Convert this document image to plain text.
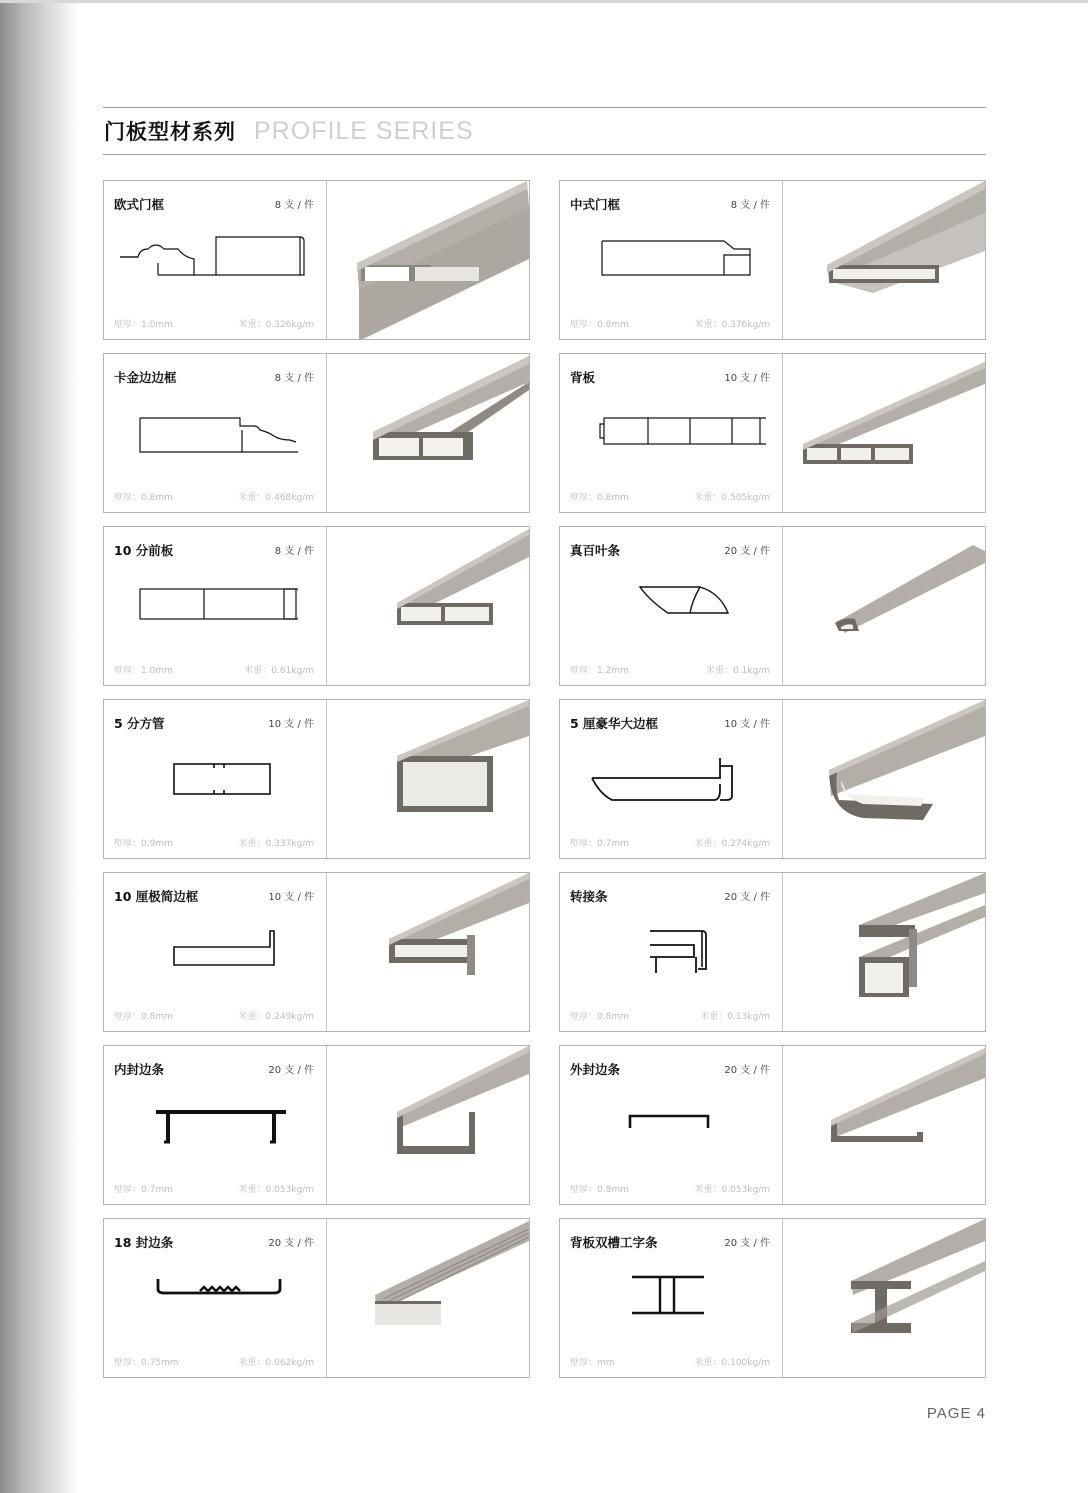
门板型材系列 PROFILE SERIES
欧式门框	8 支 / 件
壁厚：1.0mm	米重：0.326kg/m
中式门框	8 支 / 件
壁厚：0.8mm	米重：0.376kg/m
卡金边边框	8 支 / 件
壁厚：0.8mm	米重：0.468kg/m
背板	10 支 / 件
壁厚：0.8mm	米重：0.505kg/m
10 分前板	8 支 / 件
壁厚：1.0mm	米重：0.61kg/m
真百叶条	20 支 / 件
壁厚：1.2mm	米重：0.1kg/m
5 分方管	10 支 / 件
壁厚：0.9mm	米重：0.337kg/m
5 厘豪华大边框	10 支 / 件
壁厚：0.7mm	米重：0.274kg/m
10 厘极简边框	10 支 / 件
壁厚：0.8mm	米重：0.249kg/m
转接条	20 支 / 件
壁厚：0.8mm	米重：0.13kg/m
内封边条	20 支 / 件
壁厚：0.7mm	米重：0.053kg/m
外封边条	20 支 / 件
壁厚：0.8mm	米重：0.053kg/m
18 封边条	20 支 / 件
壁厚：0.75mm	米重：0.062kg/m
背板双槽工字条	20 支 / 件
壁厚：mm	米重：0.100kg/m
PAGE 4
